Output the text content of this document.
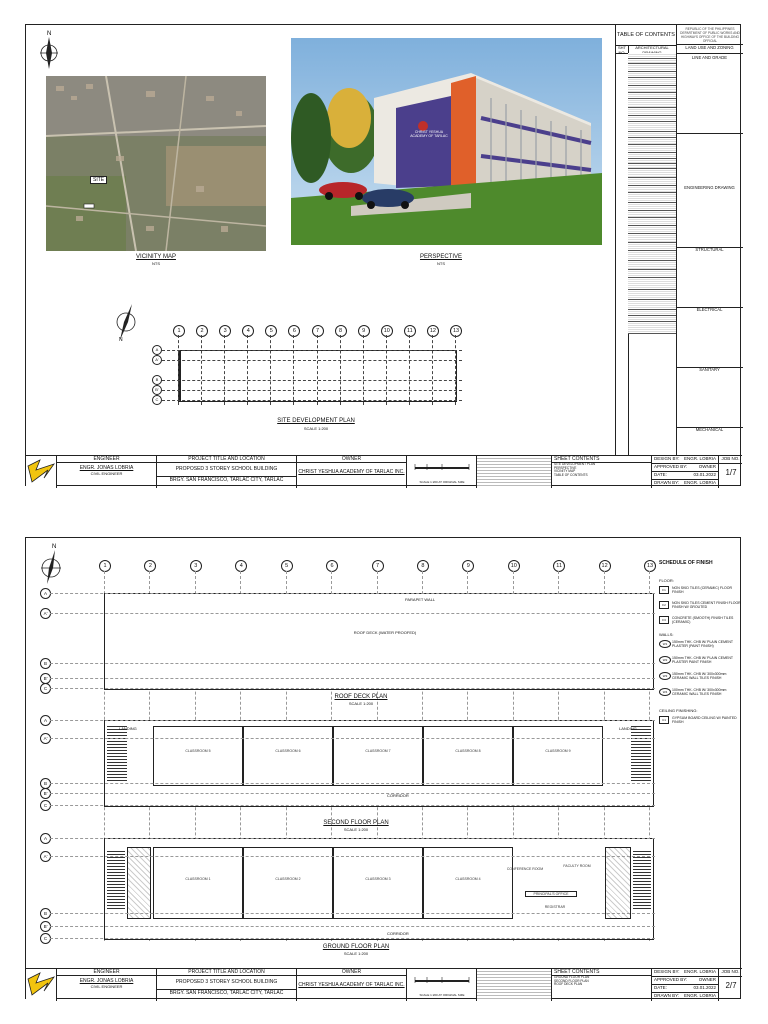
N
SITE
VICINITY MAP
NTS
CHRIST YESHUA ACADEMY OF TARLAC
PERSPECTIVE
NTS
N
1	2	3	4	5	6	7	8	9	10	11	12	13
A
A'
B
B'
C
SITE DEVELOPMENT PLAN
SCALE 1:200
TABLE OF CONTENTS
REPUBLIC OF THE PHILIPPINES DEPARTMENT OF PUBLIC WORKS AND HIGHWAYS OFFICE OF THE BUILDING OFFICIAL
SHT NO.
ARCHITECTURAL	LAND USE AND ZONING
LINE AND GRADE
ENGINEERING DRAWING
STRUCTURAL
ELECTRICAL
SANITARY
MECHANICAL
ENGINEER
ENGR. JONAS LOBRIA
CIVIL ENGINEER
PROJECT TITLE AND LOCATION
PROPOSED 3 STOREY SCHOOL BUILDING
BRGY. SAN FRANCISCO, TARLAC CITY, TARLAC
OWNER
CHRIST YESHUA ACADEMY OF TARLAC INC.
SCALE 1:200 AT ORIGINAL SIZE
SHEET CONTENTS
SITE DEVELOPMENT PLAN
PERSPECTIVE
VICINITY MAP
TABLE OF CONTENTS
DESIGN BY: ENGR. LOBRIA
APPROVED BY:	OWNER
DATE:	03.01.2022
DRAWN BY: ENGR. LOBRIA
JOB NO.
1/7
N
1	2	3	4	5	6	7	8	9	10	11	12	13
PARAPET WALL
ROOF DECK (WATER PROOFED)
ROOF DECK PLAN
SCALE 1:200
LANDING	LANDING
CLASSROOM 5	CLASSROOM 6	CLASSROOM 7	CLASSROOM 8	CLASSROOM 9
CORRIDOR
SECOND FLOOR PLAN
SCALE 1:200
CLASSROOM 1	CLASSROOM 2	CLASSROOM 3	CLASSROOM 4
CONFERENCE ROOM
FACULTY ROOM
PRINCIPAL'S OFFICE
REGISTRAR
CORRIDOR
GROUND FLOOR PLAN
SCALE 1:200
A
A'
B
B'
C
A
A'
B
B'
C
A
A'
B
B'
C
SCHEDULE OF FINISH
FLOOR:
WALLS:
CEILING FINISHING:
F1	NON SKID TILES (CERAMIC) FLOOR FINISH
F2	NON SKID TILES CEMENT FINISH FLOOR FINISH W/ GROUTED
F3	CONCRETE (SMOOTH) FINISH TILES (CERAMIC)
W1	150mm THK. CHB W/ PLAIN CEMENT PLASTER (PAINT FINISH)
W2	150mm THK. CHB W/ PLAIN CEMENT PLASTER PAINT FINISH
W3	150mm THK. CHB W/ 300x300mm CERAMIC WALL TILES FINISH
W4	100mm THK. CHB W/ 300x300mm CERAMIC WALL TILES FINISH
C1	GYPSUM BOARD CEILING W/ PAINTED FINISH
ENGINEER
ENGR. JONAS LOBRIA
CIVIL ENGINEER
PROJECT TITLE AND LOCATION
PROPOSED 3 STOREY SCHOOL BUILDING
BRGY. SAN FRANCISCO, TARLAC CITY, TARLAC
OWNER
CHRIST YESHUA ACADEMY OF TARLAC INC.
SCALE 1:200 AT ORIGINAL SIZE
SHEET CONTENTS
GROUND FLOOR PLAN
SECOND FLOOR PLAN
ROOF DECK PLAN
DESIGN BY: ENGR. LOBRIA
APPROVED BY:	OWNER
DATE:	03.01.2022
DRAWN BY: ENGR. LOBRIA
JOB NO.
2/7
